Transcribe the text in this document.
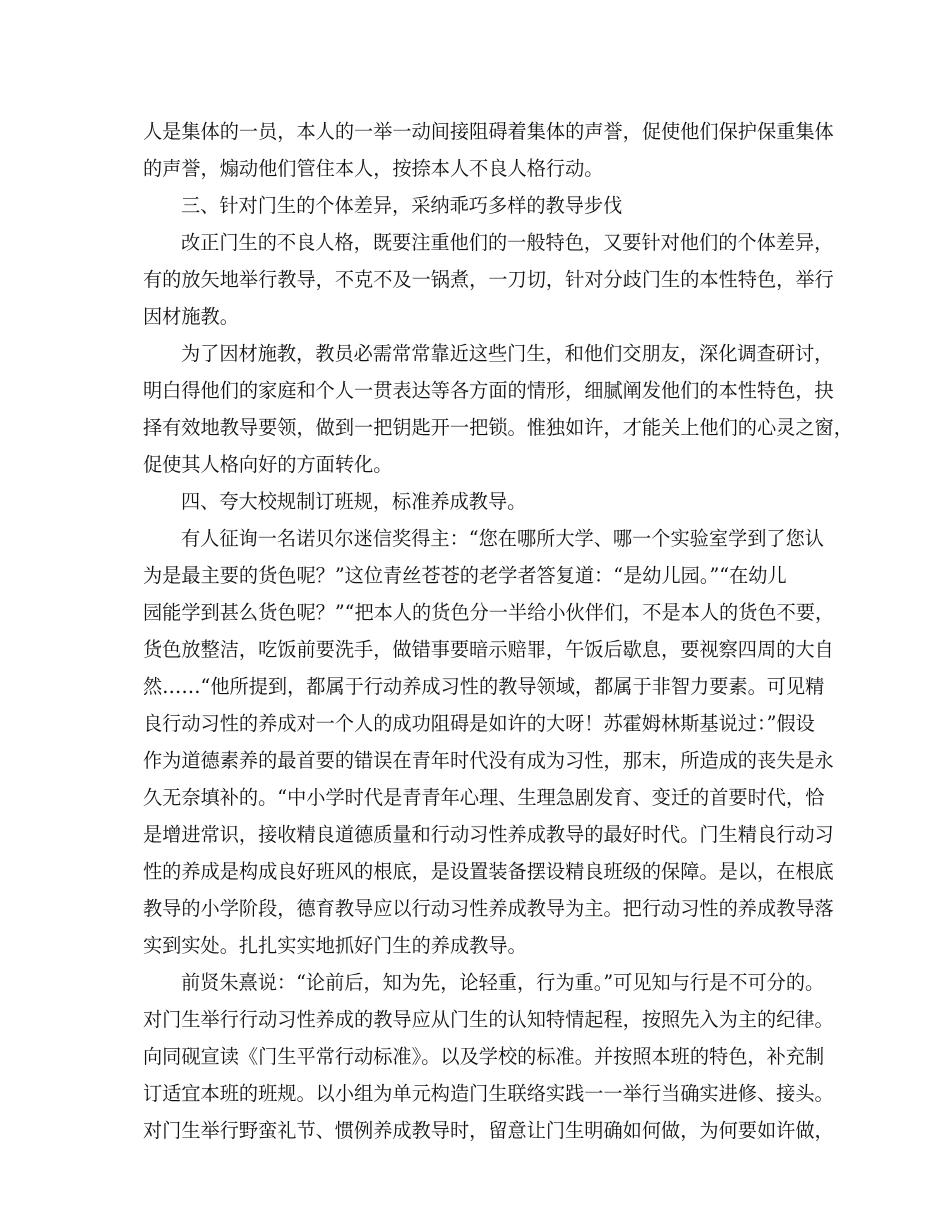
人是集体的一员，本人的一举一动间接阻碍着集体的声誉，促使他们保护保重集体
的声誉，煽动他们管住本人，按捺本人不良人格行动。
三、针对门生的个体差异，采纳乖巧多样的教导步伐
改正门生的不良人格，既要注重他们的一般特色，又要针对他们的个体差异，
有的放矢地举行教导，不克不及一锅煮，一刀切，针对分歧门生的本性特色，举行
因材施教。
为了因材施教，教员必需常常靠近这些门生，和他们交朋友，深化调查研讨，
明白得他们的家庭和个人一贯表达等各方面的情形，细腻阐发他们的本性特色，抉
择有效地教导要领，做到一把钥匙开一把锁。惟独如许，才能关上他们的心灵之窗，
促使其人格向好的方面转化。
四、夸大校规制订班规，标准养成教导。
有人征询一名诺贝尔迷信奖得主：“您在哪所大学、哪一个实验室学到了您认
为是最主要的货色呢？”这位青丝苍苍的老学者答复道：“是幼儿园。”“在幼儿
园能学到甚么货色呢？”“把本人的货色分一半给小伙伴们，不是本人的货色不要，
货色放整洁，吃饭前要洗手，做错事要暗示赔罪，午饭后歇息，要视察四周的大自
然……“他所提到，都属于行动养成习性的教导领域，都属于非智力要素。可见精
良行动习性的养成对一个人的成功阻碍是如许的大呀！苏霍姆林斯基说过：”假设
作为道德素养的最首要的错误在青年时代没有成为习性，那末，所造成的丧失是永
久无奈填补的。“中小学时代是青青年心理、生理急剧发育、变迁的首要时代，恰
是增进常识，接收精良道德质量和行动习性养成教导的最好时代。门生精良行动习
性的养成是构成良好班风的根底，是设置装备摆设精良班级的保障。是以，在根底
教导的小学阶段，德育教导应以行动习性养成教导为主。把行动习性的养成教导落
实到实处。扎扎实实地抓好门生的养成教导。
前贤朱熹说：“论前后，知为先，论轻重，行为重。”可见知与行是不可分的。
对门生举行行动习性养成的教导应从门生的认知特情起程，按照先入为主的纪律。
向同砚宣读《门生平常行动标准》。以及学校的标准。并按照本班的特色，补充制
订适宜本班的班规。以小组为单元构造门生联络实践一一举行当确实进修、接头。
对门生举行野蛮礼节、惯例养成教导时，留意让门生明确如何做，为何要如许做，
